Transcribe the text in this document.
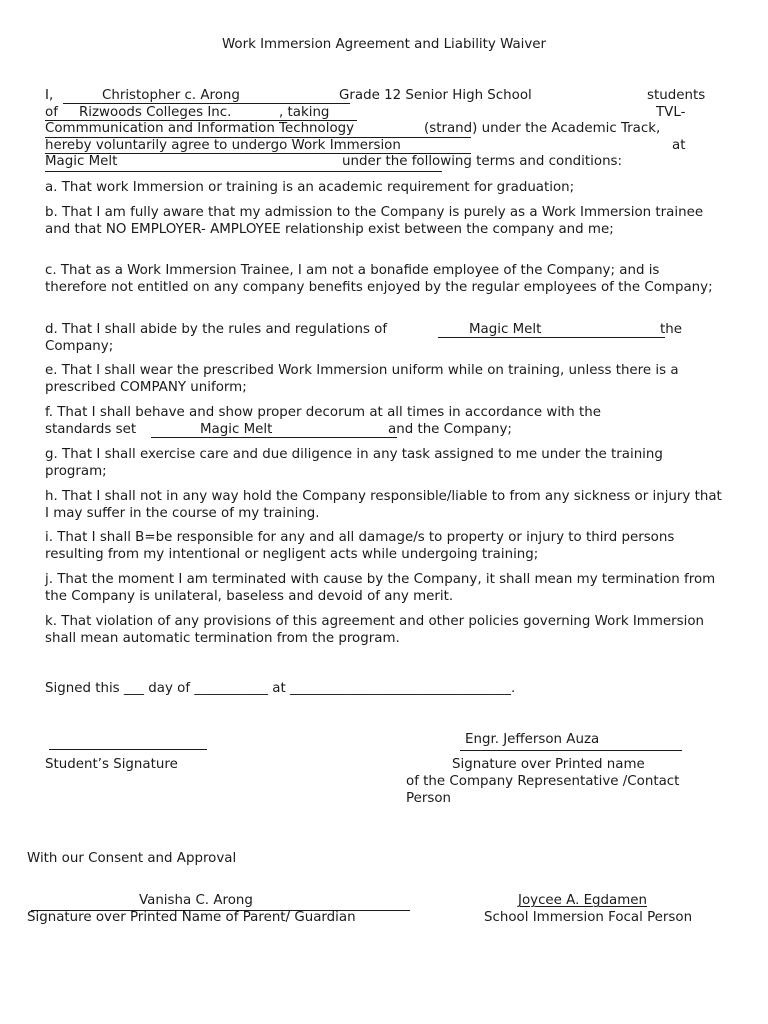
Work Immersion Agreement and Liability Waiver
I,	Christopher c. Arong	Grade 12 Senior High School	students
of Rizwoods Colleges Inc.	, taking	TVL-
Commmunication and Information Technology	(strand) under the Academic Track,
hereby voluntarily agree to undergo Work Immersion	at
Magic Melt	under the following terms and conditions:
a. That work Immersion or training is an academic requirement for graduation;
b. That I am fully aware that my admission to the Company is purely as a Work Immersion trainee and that NO EMPLOYER- AMPLOYEE relationship exist between the company and me;
c. That as a Work Immersion Trainee, I am not a bonafide employee of the Company; and is therefore not entitled on any company benefits enjoyed by the regular employees of the Company;
d. That I shall abide by the rules and regulations of	Magic Melt	the
Company;
e. That I shall wear the prescribed Work Immersion uniform while on training, unless there is a prescribed COMPANY uniform;
f. That I shall behave and show proper decorum at all times in accordance with the
standards set	Magic Melt	and the Company;
g. That I shall exercise care and due diligence in any task assigned to me under the training program;
h. That I shall not in any way hold the Company responsible/liable to from any sickness or injury that I may suffer in the course of my training.
i. That I shall B=be responsible for any and all damage/s to property or injury to third persons resulting from my intentional or negligent acts while undergoing training;
j. That the moment I am terminated with cause by the Company, it shall mean my termination from the Company is unilateral, baseless and devoid of any merit.
k. That violation of any provisions of this agreement and other policies governing Work Immersion shall mean automatic termination from the program.
Signed this ___ day of ___________ at _________________________________.
Student’s Signature
Engr. Jefferson Auza
Signature over Printed name
of the Company Representative /Contact
Person
With our Consent and Approval
Vanisha C. Arong
Signature over Printed Name of Parent/ Guardian
Joycee A. Egdamen
School Immersion Focal Person
